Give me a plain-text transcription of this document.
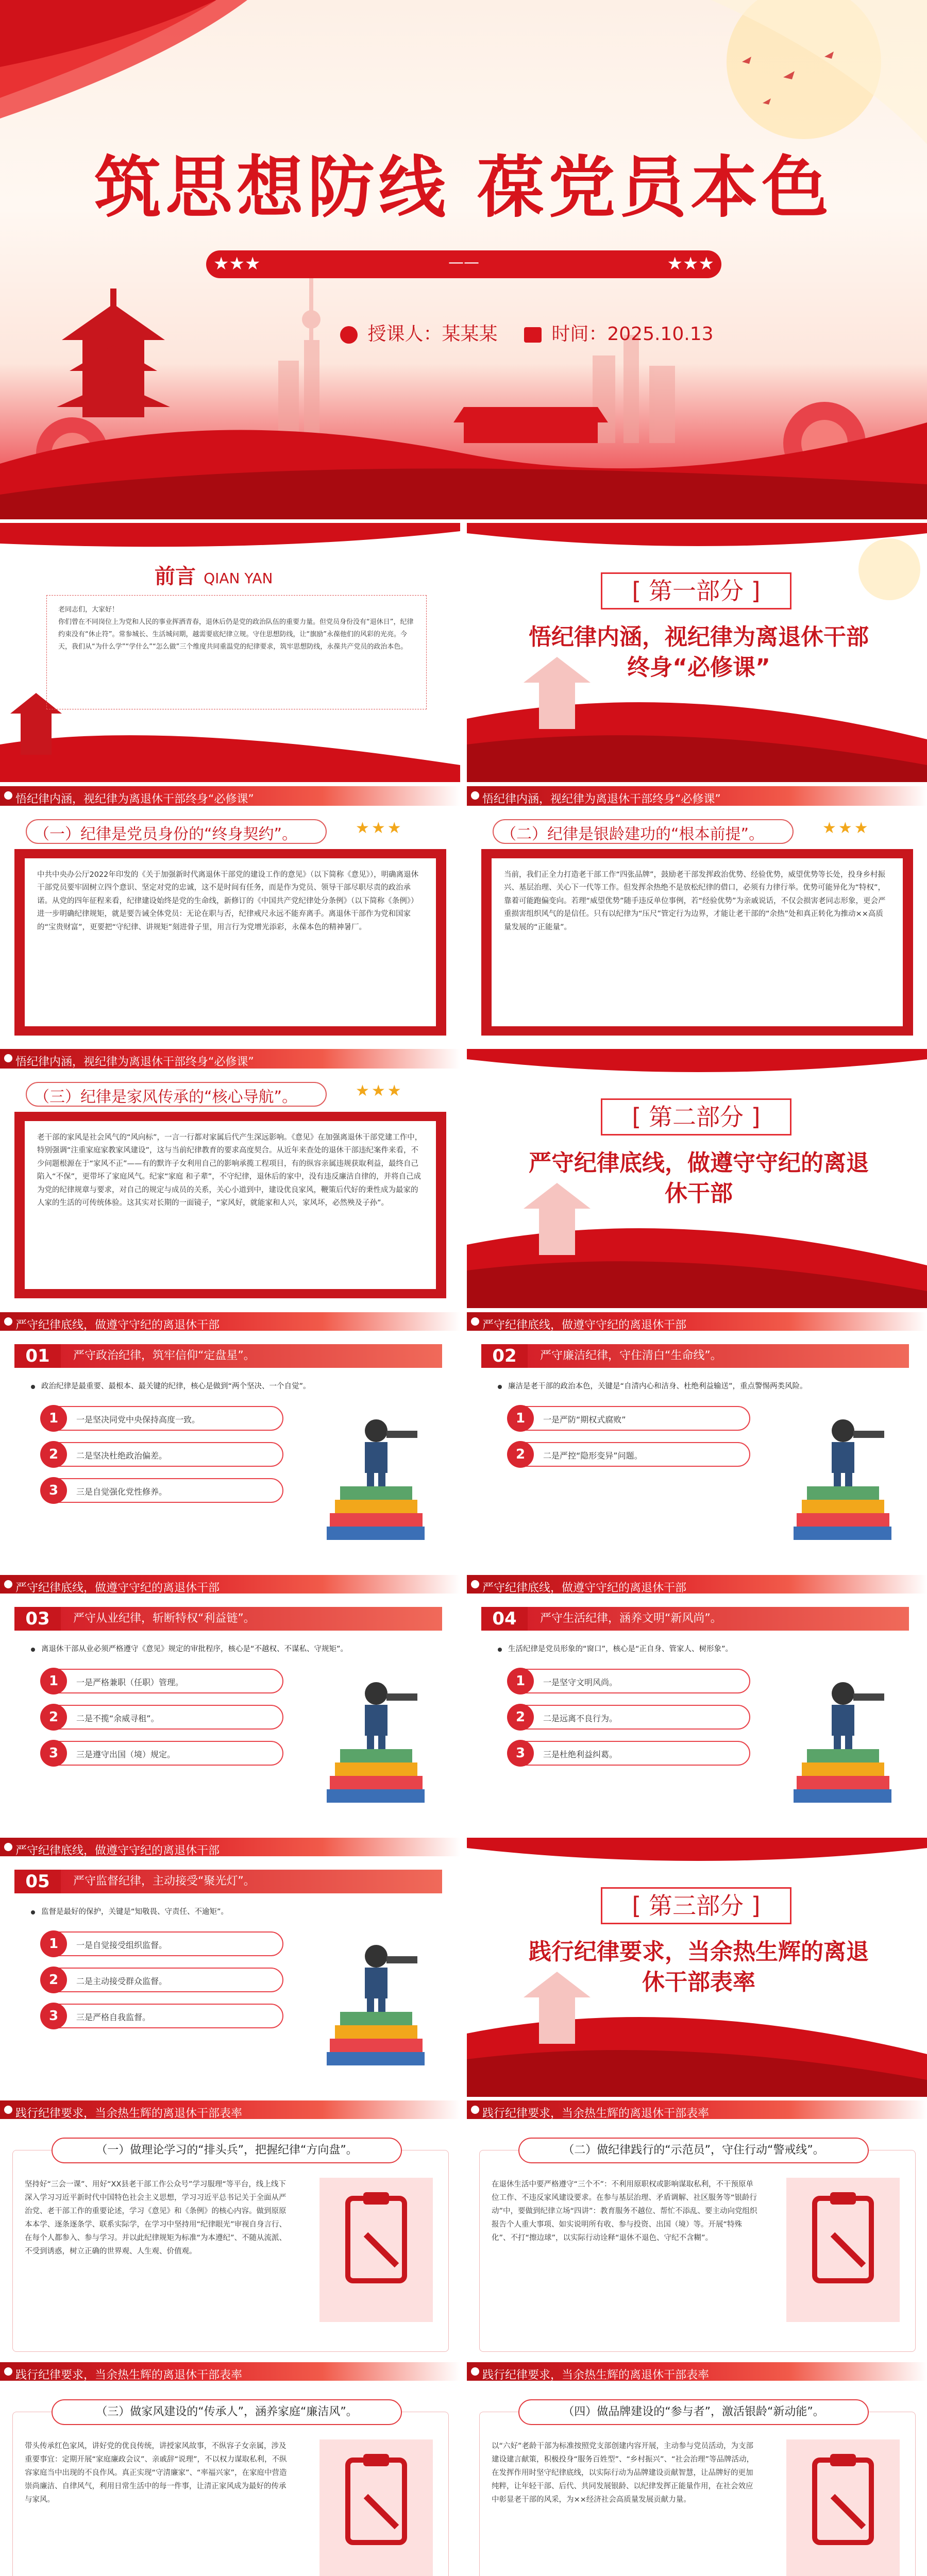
筑思想防线 葆党员本色
★★★	——	★★★
授课人：某某某	时间：2025.10.13
前言 QIAN YAN
老同志们，大家好！
你们曾在不同岗位上为党和人民的事业挥洒青春，退休后仍是党的政治队伍的重要力量。但党员身份没有“退休日”，纪律约束没有“休止符”。常参城长、生活城问期，越需要底纪律立规。守住思想防线，让“旗励”永葆他们的风彩的光亮。今天，我们从“为什么学”“学什么”“怎么做”三个维度共同重温党的纪律要求，筑牢思想防线，永葆共产党员的政治本色。
[ 第一部分 ]
悟纪律内涵，视纪律为离退休干部终身“必修课”
悟纪律内涵，视纪律为离退休干部终身“必修课”
（一）纪律是党员身份的“终身契约”。	★★★
中共中央办公厅2022年印发的《关于加强新时代离退休干部党的建设工作的意见》（以下简称《意见》），明确离退休干部党员要牢固树立四个意识、坚定对党的忠诚，这不是时间有任务，而是作为党员、领导干部尽职尽责的政治承诺。从党的四年征程来看，纪律建设始终是党的生命线，新修订的《中国共产党纪律处分条例》（以下简称《条例》）进一步明确纪律规矩，就是要告诫全体党员：无论在职与否，纪律戒尺永远不能弃离手。离退休干部作为党和国家的“宝贵财富”，更要把“守纪律、讲规矩”刻进骨子里，用言行为党增光添彩，永葆本色的精神暑厂。
悟纪律内涵，视纪律为离退休干部终身“必修课”
（二）纪律是银龄建功的“根本前提”。	★★★
当前，我们正全力打造老干部工作“四张品牌”，鼓励老干部发挥政治优势、经验优势，威望优势等长处，投身乡村振兴、基层治理、关心下一代等工作。但发挥余热绝不是放松纪律的借口，必须有力律行举。优势可能异化为“特权”，靠着可能跑偏变向。若理“威望优势”随手违反单位事例，若“经验优势”为亲戚说话，不仅会损害老同志形象，更会严重损害组织风气的是信任。只有以纪律为“压尺”管定行为边界，才能让老干部的“余热”处和真正转化为推动××高质量发展的“正能量”。
悟纪律内涵，视纪律为离退休干部终身“必修课”
（三）纪律是家风传承的“核心导航”。	★★★
老干部的家风是社会风气的“风向标”，一言一行都对家属后代产生深远影响。《意见》在加强离退休干部党建工作中，特别强调“注重家庭家教家风建设”，这与当前纪律教育的要求高度契合。从近年来查处的退休干部违纪案件来看，不少问题根源在于“家风不正”——有的默许子女利用自己的影响承揽工程项目，有的纵容亲属违规获取利益，最终自己陷入“不保”，更带坏了家庭风气。纪家“家庭 和子辈”，不守纪律，退休后的家中，没有违反廉洁自律的，并将自己成为党的纪律规章与要求，对自己的规定与成员的关系，关心小道到中，建设优良家风，鞭策后代好的秉性成为最家的人家的生活的可传统体验。这其实对长期的一面镜子，“家风好，就能家和人兴，家风坏，必然殃及子孙”。
[ 第二部分 ]
严守纪律底线，做遵守守纪的离退休干部
严守纪律底线，做遵守守纪的离退休干部
01	严守政治纪律，筑牢信仰“定盘星”。
政治纪律是最重要、最根本、最关键的纪律，核心是做到“两个坚决、一个自觉”。
1	一是坚决同党中央保持高度一致。
2	二是坚决杜绝政治偏差。
3	三是自觉强化党性修养。
严守纪律底线，做遵守守纪的离退休干部
02	严守廉洁纪律，守住清白“生命线”。
廉洁是老干部的政治本色，关键是“自清内心和洁身、杜绝利益输送”，重点警惕两类风险。
1	一是严防“期权式腐败”
2	二是严控“隐形变异”问题。
严守纪律底线，做遵守守纪的离退休干部
03	严守从业纪律，斩断特权“利益链”。
离退休干部从业必须严格遵守《意见》规定的审批程序，核心是“不越权、不谋私、守规矩”。
1	一是严格兼职（任职）管理。
2	二是不揽“余威寻租”。
3	三是遵守出国（境）规定。
严守纪律底线，做遵守守纪的离退休干部
04	严守生活纪律，涵养文明“新风尚”。
生活纪律是党员形象的“窗口”，核心是“正自身、管家人、树形象”。
1	一是坚守文明风尚。
2	二是远离不良行为。
3	三是杜绝利益纠葛。
严守纪律底线，做遵守守纪的离退休干部
05	严守监督纪律，主动接受“聚光灯”。
监督是最好的保护，关键是“知敬畏、守责任、不逾矩”。
1	一是自觉接受组织监督。
2	二是主动接受群众监督。
3	三是严格自我监督。
[ 第三部分 ]
践行纪律要求，当余热生辉的离退休干部表率
践行纪律要求，当余热生辉的离退休干部表率
（一）做理论学习的“排头兵”，把握纪律“方向盘”。
坚持好“三会一课”、用好“XX县老干部工作公众号”学习服理“等平台，线上线下深入学习习近平新时代中国特色社会主义思想，学习习近平总书记关于全面从严治党、老干部工作的重要论述，学习《意见》和《条例》的核心内容。做到原原本本学、逐条逐条学、联系实际学，在学习中坚持用“纪律眼光”审视自身言行、在每个人都参入、参与学习。并以此纪律规矩为标准“为本遵纪”、不随从流派、不受到诱惑，树立正确的世界观、人生观、价值观。
践行纪律要求，当余热生辉的离退休干部表率
（二）做纪律践行的“示范员”，守住行动“警戒线”。
在退休生活中要严格遵守“三个不”：不利用原职权或影响谋取私利，不干预原单位工作、不违反家风建设要求。在参与基层治理、矛盾调解、社区服务等“银龄行动”中，要做到纪律立场“四讲”：教育服务不越位、帮忙不添乱、要主动向党组织报告个人重大事项、如实说明所有收、参与投资、出国（境）等。开展“特殊化”、不打“擦边球”，以实际行动诠释“退休不退色、守纪不含糊”。
践行纪律要求，当余热生辉的离退休干部表率
（三）做家风建设的“传承人”，涵养家庭“廉洁风”。
带头传承红色家风，讲好党的优良传统，讲授家风故事，不纵容子女亲属，涉及重要事宜：定期开展“家庭廉政会议”、亲戚辞“说理”，不以权力谋取私利，不纵容家庭当中出现的不良作风。真正实现“守清廉家”、“率福兴家”，在家庭中营造崇尚廉洁、自律风气，利用日常生活中的每一件事，让清正家风成为最好的传承与家风。
践行纪律要求，当余热生辉的离退休干部表率
（四）做品牌建设的“参与者”，激活银龄“新动能”。
以“六好”老龄干部为标准按照党支部创建内容开展，主动参与党员活动，为支部建设建言献策，积极投身“服务百姓型”、“乡村振兴”、“社会治理”等品牌活动，在发挥作用时坚守纪律底线，以实际行动为品牌建设贡献智慧，让品牌好的更加纯粹，让年轻干部、后代、共同发展银龄、以纪律发挥正能量作用，在社会效应中彰显老干部的风采，为××经济社会高质量发展贡献力量。
